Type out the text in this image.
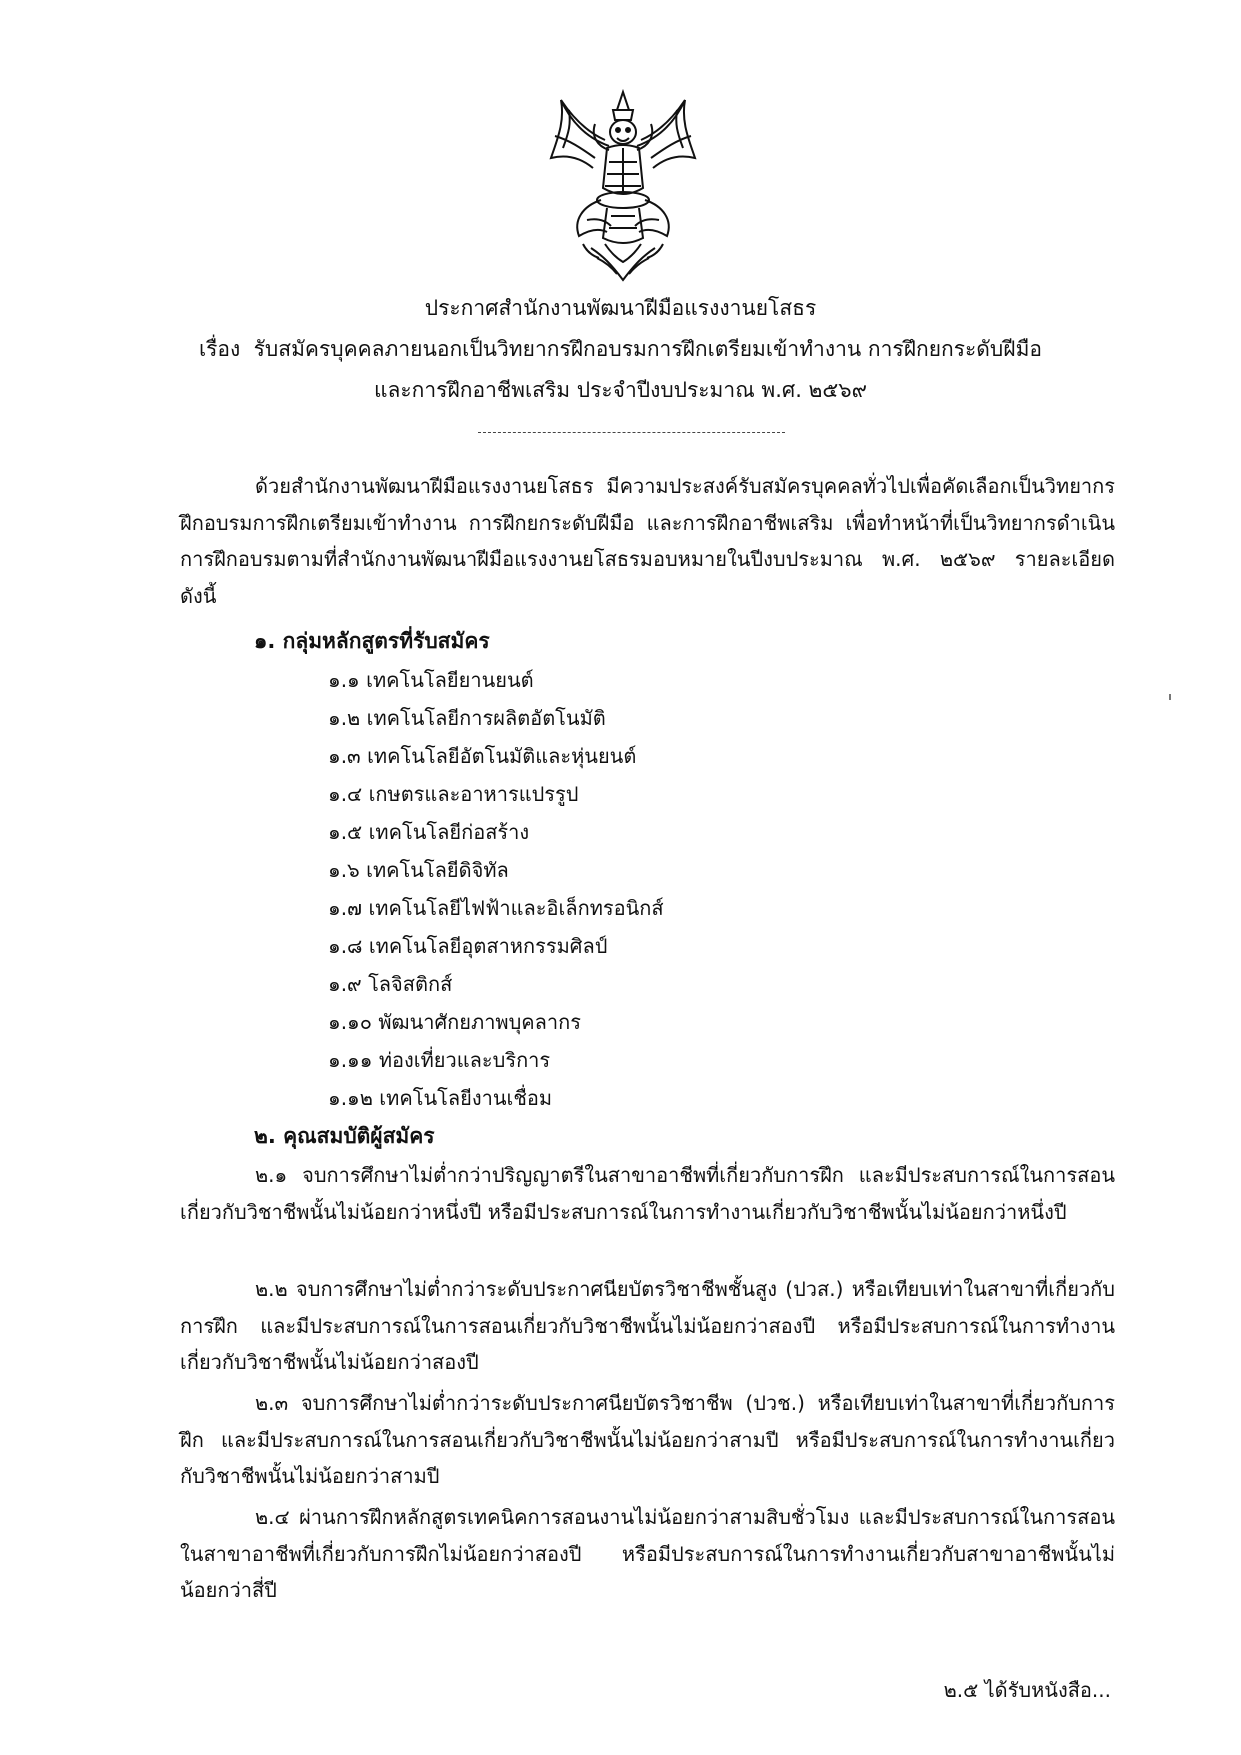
ประกาศสำนักงานพัฒนาฝีมือแรงงานยโสธร
เรื่อง รับสมัครบุคคลภายนอกเป็นวิทยากรฝึกอบรมการฝึกเตรียมเข้าทำงาน การฝึกยกระดับฝีมือ
และการฝึกอาชีพเสริม ประจำปีงบประมาณ พ.ศ. ๒๕๖๙
ด้วยสำนักงานพัฒนาฝีมือแรงงานยโสธร มีความประสงค์รับสมัครบุคคลทั่วไปเพื่อคัดเลือกเป็นวิทยากรฝึกอบรมการฝึกเตรียมเข้าทำงาน การฝึกยกระดับฝีมือ และการฝึกอาชีพเสริม เพื่อทำหน้าที่เป็นวิทยากรดำเนินการฝึกอบรมตามที่สำนักงานพัฒนาฝีมือแรงงานยโสธรมอบหมายในปีงบประมาณ พ.ศ. ๒๕๖๙ รายละเอียด ดังนี้
๑. กลุ่มหลักสูตรที่รับสมัคร
๑.๑ เทคโนโลยียานยนต์
๑.๒ เทคโนโลยีการผลิตอัตโนมัติ
๑.๓ เทคโนโลยีอัตโนมัติและหุ่นยนต์
๑.๔ เกษตรและอาหารแปรรูป
๑.๕ เทคโนโลยีก่อสร้าง
๑.๖ เทคโนโลยีดิจิทัล
๑.๗ เทคโนโลยีไฟฟ้าและอิเล็กทรอนิกส์
๑.๘ เทคโนโลยีอุตสาหกรรมศิลป์
๑.๙ โลจิสติกส์
๑.๑๐ พัฒนาศักยภาพบุคลากร
๑.๑๑ ท่องเที่ยวและบริการ
๑.๑๒ เทคโนโลยีงานเชื่อม
๒. คุณสมบัติผู้สมัคร
๒.๑ จบการศึกษาไม่ต่ำกว่าปริญญาตรีในสาขาอาชีพที่เกี่ยวกับการฝึก และมีประสบการณ์ในการสอนเกี่ยวกับวิชาชีพนั้นไม่น้อยกว่าหนึ่งปี หรือมีประสบการณ์ในการทำงานเกี่ยวกับวิชาชีพนั้นไม่น้อยกว่าหนึ่งปี
๒.๒ จบการศึกษาไม่ต่ำกว่าระดับประกาศนียบัตรวิชาชีพชั้นสูง (ปวส.) หรือเทียบเท่าในสาขาที่เกี่ยวกับการฝึก และมีประสบการณ์ในการสอนเกี่ยวกับวิชาชีพนั้นไม่น้อยกว่าสองปี หรือมีประสบการณ์ในการทำงานเกี่ยวกับวิชาชีพนั้นไม่น้อยกว่าสองปี
๒.๓ จบการศึกษาไม่ต่ำกว่าระดับประกาศนียบัตรวิชาชีพ (ปวช.) หรือเทียบเท่าในสาขาที่เกี่ยวกับการฝึก และมีประสบการณ์ในการสอนเกี่ยวกับวิชาชีพนั้นไม่น้อยกว่าสามปี หรือมีประสบการณ์ในการทำงานเกี่ยวกับวิชาชีพนั้นไม่น้อยกว่าสามปี
๒.๔ ผ่านการฝึกหลักสูตรเทคนิคการสอนงานไม่น้อยกว่าสามสิบชั่วโมง และมีประสบการณ์ในการสอนในสาขาอาชีพที่เกี่ยวกับการฝึกไม่น้อยกว่าสองปี หรือมีประสบการณ์ในการทำงานเกี่ยวกับสาขาอาชีพนั้นไม่น้อยกว่าสี่ปี
๒.๕ ได้รับหนังสือ...
